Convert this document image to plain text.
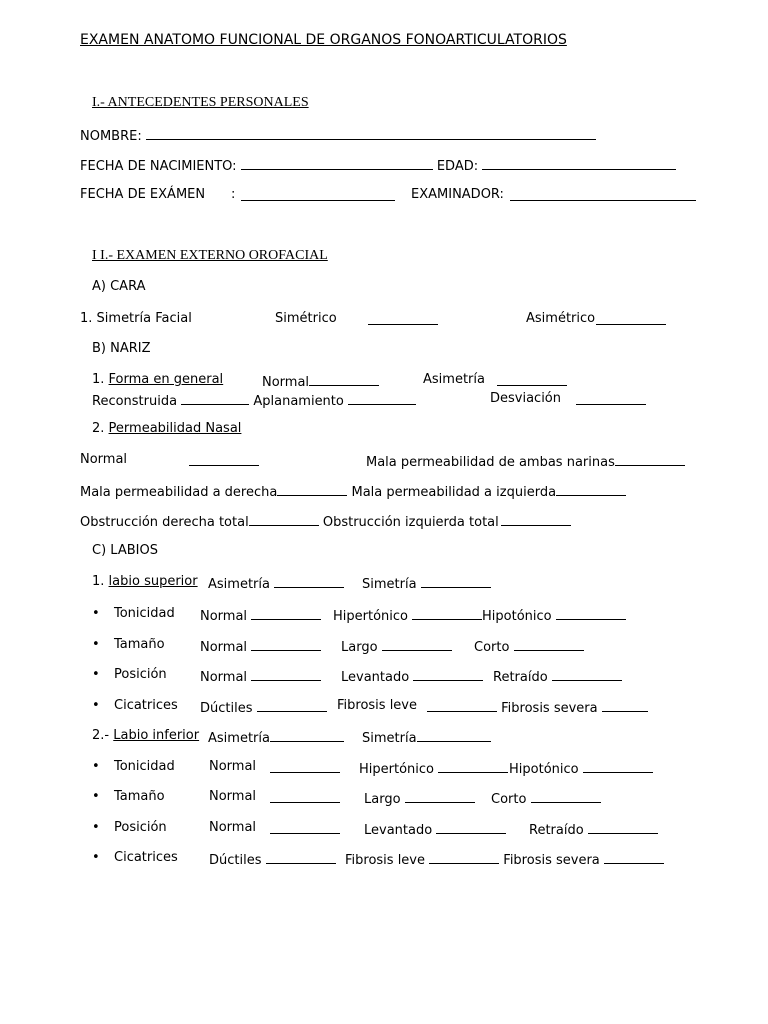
EXAMEN ANATOMO FUNCIONAL DE ORGANOS FONOARTICULATORIOS
I.- ANTECEDENTES PERSONALES
NOMBRE:
FECHA DE NACIMIENTO:	EDAD:
FECHA DE EXÁMEN :	EXAMINADOR:
I I.- EXAMEN EXTERNO OROFACIAL
A) CARA
1. Simetría Facial	Simétrico	Asimétrico
B) NARIZ
1. Forma en general	Normal	Asimetría
Reconstruida	Aplanamiento	Desviación
2. Permeabilidad Nasal
Normal	Mala permeabilidad de ambas narinas
Mala permeabilidad a derecha	Mala permeabilidad a izquierda
Obstrucción derecha total	Obstrucción izquierda total
C) LABIOS
1. labio superior Asimetría	Simetría
• Tonicidad Normal	Hipertónico	Hipotónico
• Tamaño	Normal	Largo	Corto
• Posición	Normal	Levantado	Retraído
• Cicatrices Dúctiles	Fibrosis leve	Fibrosis severa
2.- Labio inferior Asimetría	Simetría
• Tonicidad	Normal	Hipertónico	Hipotónico
• Tamaño	Normal	Largo	Corto
• Posición	Normal	Levantado	Retraído
• Cicatrices Dúctiles	Fibrosis leve	Fibrosis severa
